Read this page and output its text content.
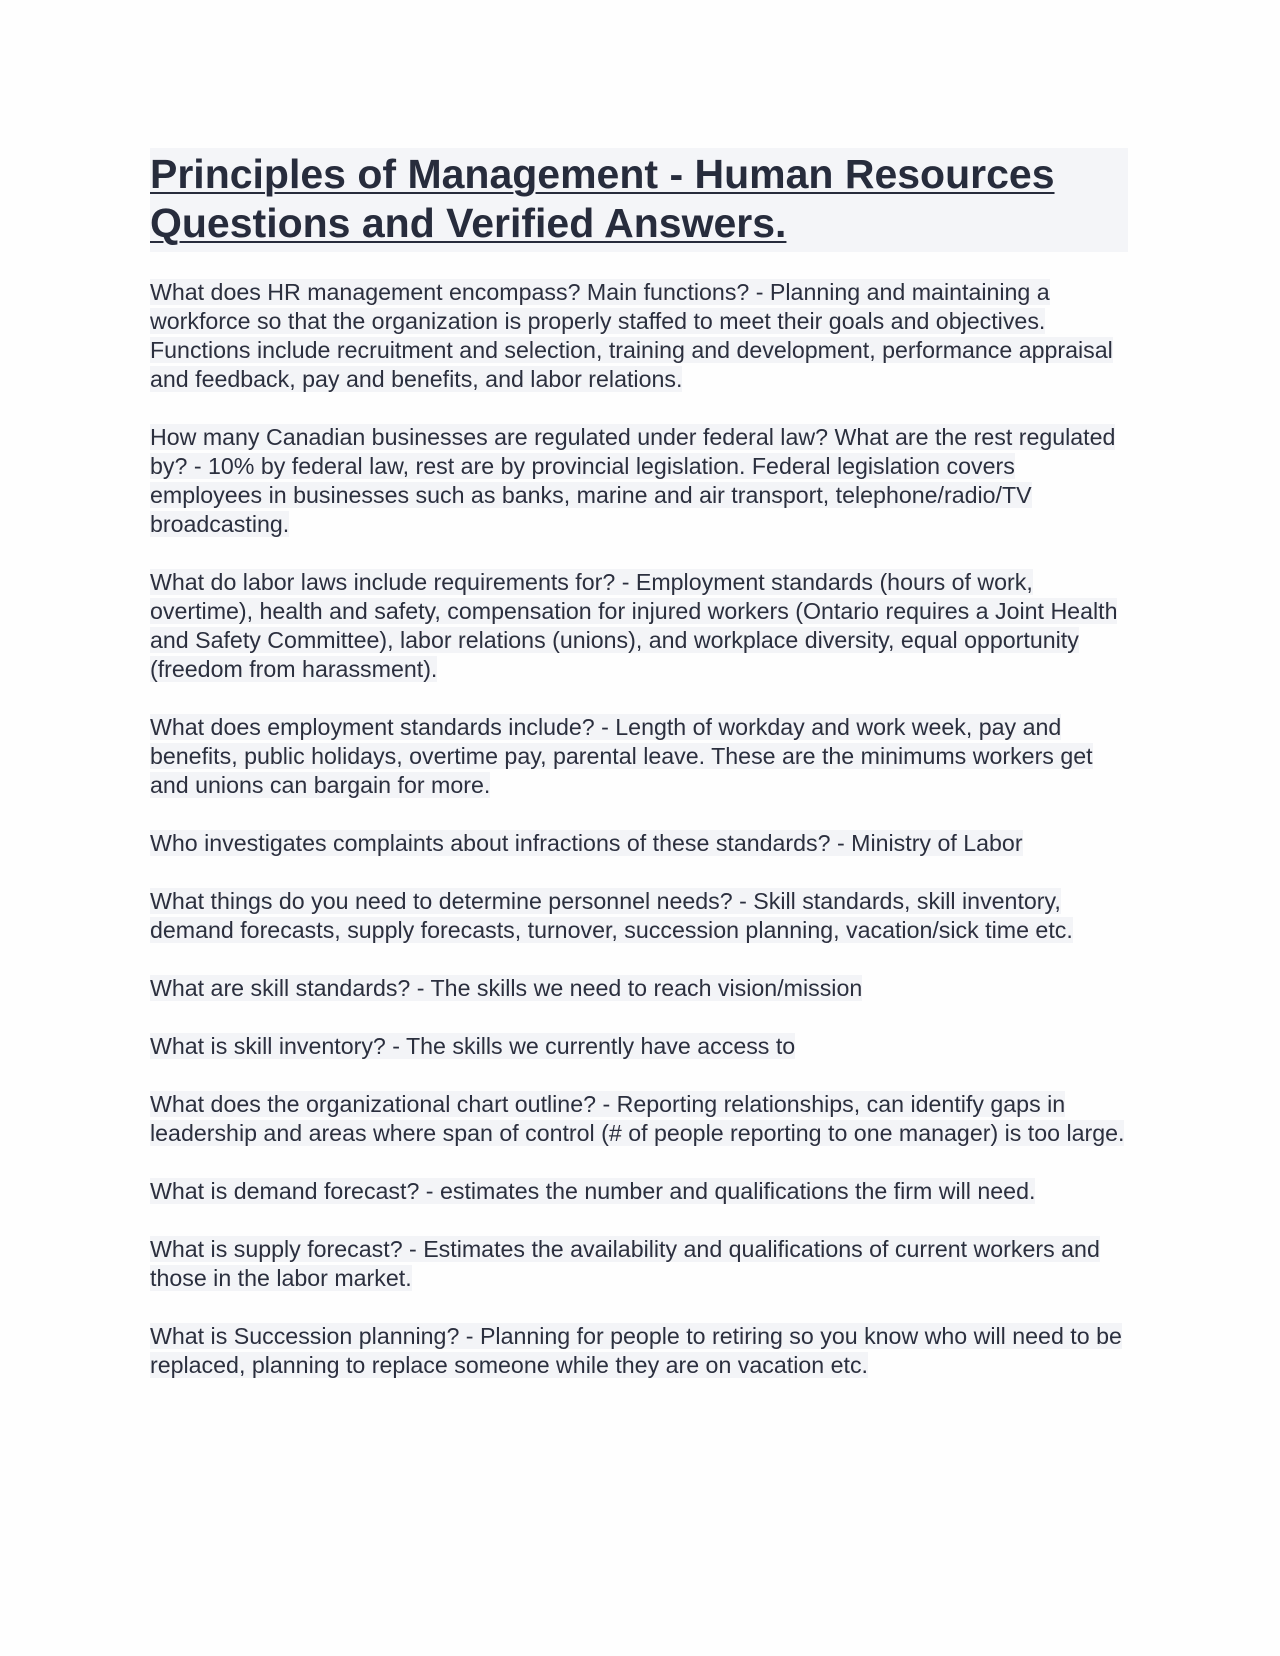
Principles of Management - Human Resources Questions and Verified Answers.

What does HR management encompass? Main functions? - Planning and maintaining a workforce so that the organization is properly staffed to meet their goals and objectives. Functions include recruitment and selection, training and development, performance appraisal and feedback, pay and benefits, and labor relations.

How many Canadian businesses are regulated under federal law? What are the rest regulated by? - 10% by federal law, rest are by provincial legislation. Federal legislation covers employees in businesses such as banks, marine and air transport, telephone/radio/TV broadcasting.

What do labor laws include requirements for? - Employment standards (hours of work, overtime), health and safety, compensation for injured workers (Ontario requires a Joint Health and Safety Committee), labor relations (unions), and workplace diversity, equal opportunity (freedom from harassment).

What does employment standards include? - Length of workday and work week, pay and benefits, public holidays, overtime pay, parental leave. These are the minimums workers get and unions can bargain for more.

Who investigates complaints about infractions of these standards? - Ministry of Labor

What things do you need to determine personnel needs? - Skill standards, skill inventory, demand forecasts, supply forecasts, turnover, succession planning, vacation/sick time etc.

What are skill standards? - The skills we need to reach vision/mission

What is skill inventory? - The skills we currently have access to

What does the organizational chart outline? - Reporting relationships, can identify gaps in leadership and areas where span of control (# of people reporting to one manager) is too large.

What is demand forecast? - estimates the number and qualifications the firm will need.

What is supply forecast? - Estimates the availability and qualifications of current workers and those in the labor market.

What is Succession planning? - Planning for people to retiring so you know who will need to be replaced, planning to replace someone while they are on vacation etc.
